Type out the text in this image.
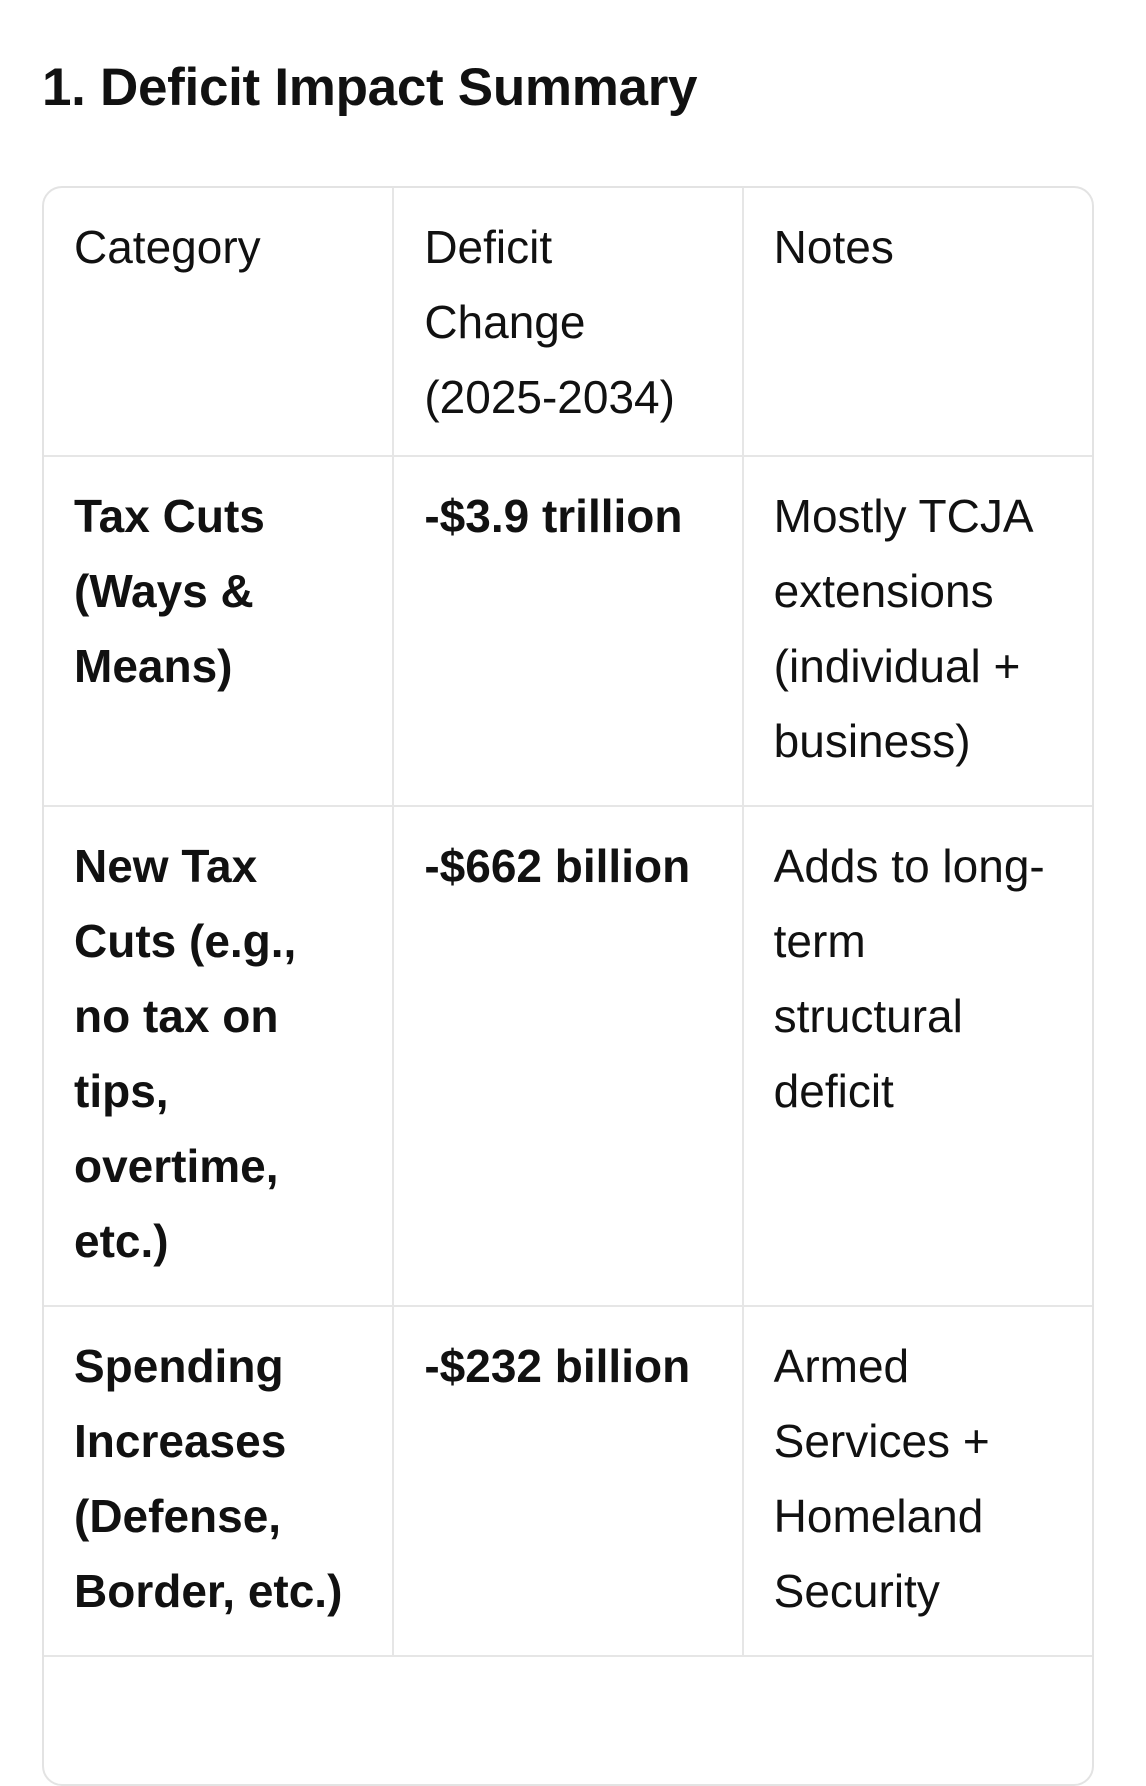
1. Deficit Impact Summary
Category	Deficit Change (2025-2034)	Notes
Tax Cuts (Ways & Means)	-$3.9 trillion	Mostly TCJA extensions (individual + business)
New Tax Cuts (e.g., no tax on tips, overtime, etc.)	-$662 billion	Adds to long-term structural deficit
Spending Increases (Defense, Border, etc.)	-$232 billion	Armed Services + Homeland Security
